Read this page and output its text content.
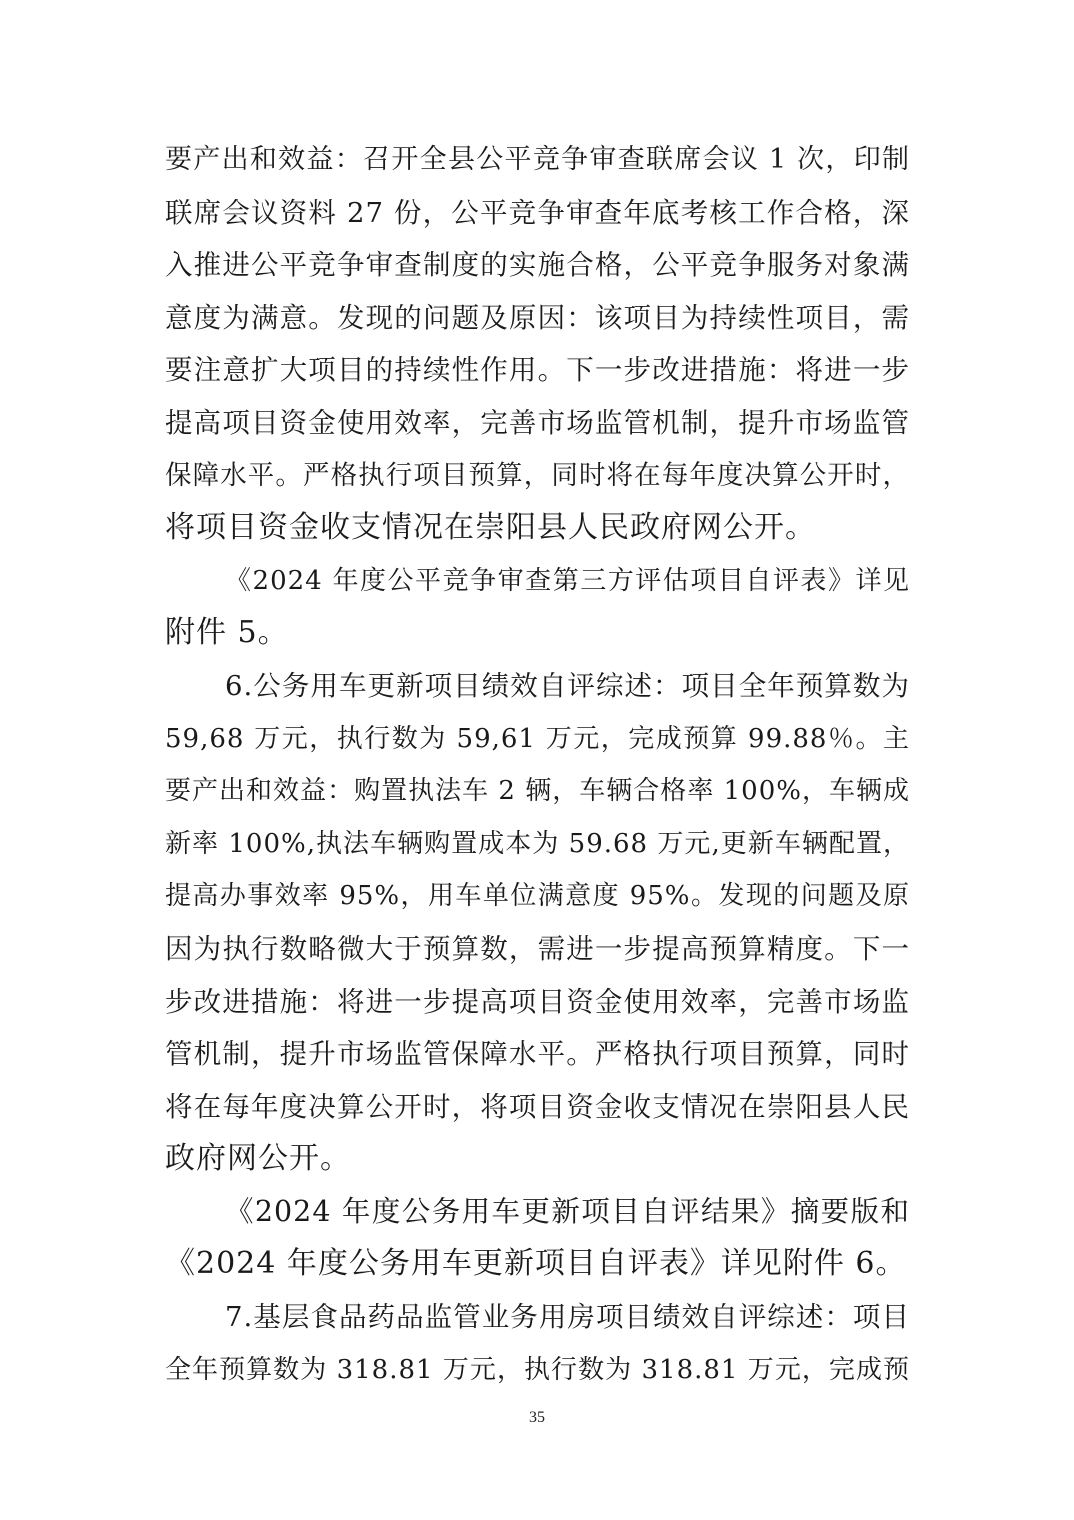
要产出和效益：召开全县公平竞争审查联席会议 1 次，印制
联席会议资料 27 份，公平竞争审查年底考核工作合格，深
入推进公平竞争审查制度的实施合格，公平竞争服务对象满
意度为满意。发现的问题及原因：该项目为持续性项目，需
要注意扩大项目的持续性作用。下一步改进措施：将进一步
提高项目资金使用效率，完善市场监管机制，提升市场监管
保障水平。严格执行项目预算，同时将在每年度决算公开时，
将项目资金收支情况在崇阳县人民政府网公开。
《2024 年度公平竞争审查第三方评估项目自评表》详见
附件 5。
6.公务用车更新项目绩效自评综述：项目全年预算数为
59,68 万元，执行数为 59,61 万元，完成预算 99.88％。主
要产出和效益：购置执法车 2 辆，车辆合格率 100%，车辆成
新率 100%,执法车辆购置成本为 59.68 万元,更新车辆配置，
提高办事效率 95%，用车单位满意度 95%。发现的问题及原
因为执行数略微大于预算数，需进一步提高预算精度。下一
步改进措施：将进一步提高项目资金使用效率，完善市场监
管机制，提升市场监管保障水平。严格执行项目预算，同时
将在每年度决算公开时，将项目资金收支情况在崇阳县人民
政府网公开。
《2024 年度公务用车更新项目自评结果》摘要版和
《2024 年度公务用车更新项目自评表》详见附件 6。
7.基层食品药品监管业务用房项目绩效自评综述：项目
全年预算数为 318.81 万元，执行数为 318.81 万元，完成预
35
